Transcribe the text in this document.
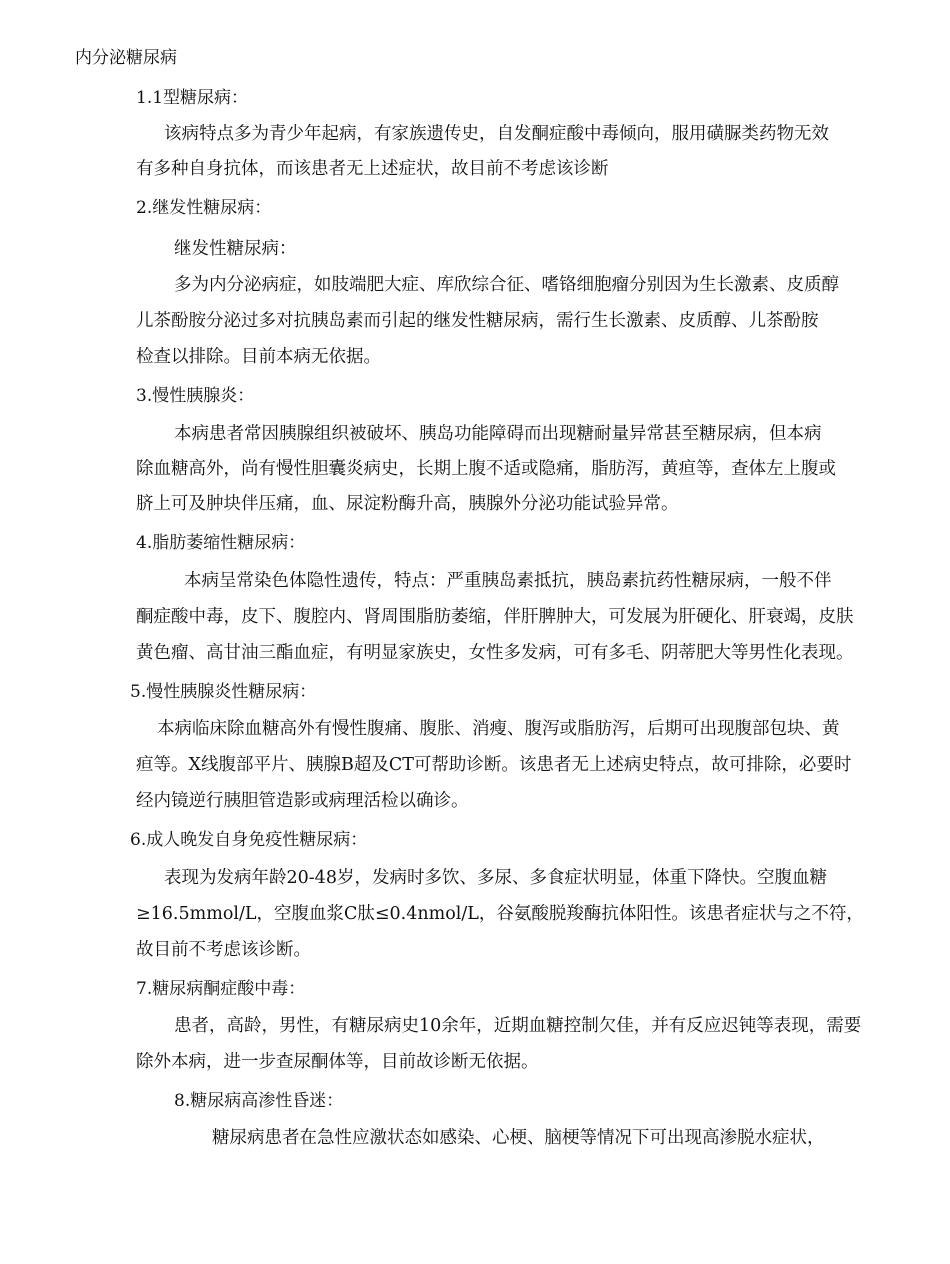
内分泌糖尿病
1.1型糖尿病：
该病特点多为青少年起病，有家族遗传史，自发酮症酸中毒倾向，服用磺脲类药物无效
有多种自身抗体，而该患者无上述症状，故目前不考虑该诊断
2.继发性糖尿病：
继发性糖尿病：
多为内分泌病症，如肢端肥大症、库欣综合征、嗜铬细胞瘤分别因为生长激素、皮质醇
儿茶酚胺分泌过多对抗胰岛素而引起的继发性糖尿病，需行生长激素、皮质醇、儿茶酚胺
检查以排除。目前本病无依据。
3.慢性胰腺炎：
本病患者常因胰腺组织被破坏、胰岛功能障碍而出现糖耐量异常甚至糖尿病，但本病
除血糖高外，尚有慢性胆囊炎病史，长期上腹不适或隐痛，脂肪泻，黄疸等，查体左上腹或
脐上可及肿块伴压痛，血、尿淀粉酶升高，胰腺外分泌功能试验异常。
4.脂肪萎缩性糖尿病：
本病呈常染色体隐性遗传，特点：严重胰岛素抵抗，胰岛素抗药性糖尿病，一般不伴
酮症酸中毒，皮下、腹腔内、肾周围脂肪萎缩，伴肝脾肿大，可发展为肝硬化、肝衰竭，皮肤
黄色瘤、高甘油三酯血症，有明显家族史，女性多发病，可有多毛、阴蒂肥大等男性化表现。
5.慢性胰腺炎性糖尿病：
本病临床除血糖高外有慢性腹痛、腹胀、消瘦、腹泻或脂肪泻，后期可出现腹部包块、黄
疸等。X线腹部平片、胰腺B超及CT可帮助诊断。该患者无上述病史特点，故可排除，必要时
经内镜逆行胰胆管造影或病理活检以确诊。
6.成人晚发自身免疫性糖尿病：
表现为发病年龄20-48岁，发病时多饮、多尿、多食症状明显，体重下降快。空腹血糖
≥16.5mmol/L，空腹血浆C肽≤0.4nmol/L，谷氨酸脱羧酶抗体阳性。该患者症状与之不符，
故目前不考虑该诊断。
7.糖尿病酮症酸中毒：
患者，高龄，男性，有糖尿病史10余年，近期血糖控制欠佳，并有反应迟钝等表现，需要
除外本病，进一步查尿酮体等，目前故诊断无依据。
8.糖尿病高渗性昏迷：
糖尿病患者在急性应激状态如感染、心梗、脑梗等情况下可出现高渗脱水症状，
